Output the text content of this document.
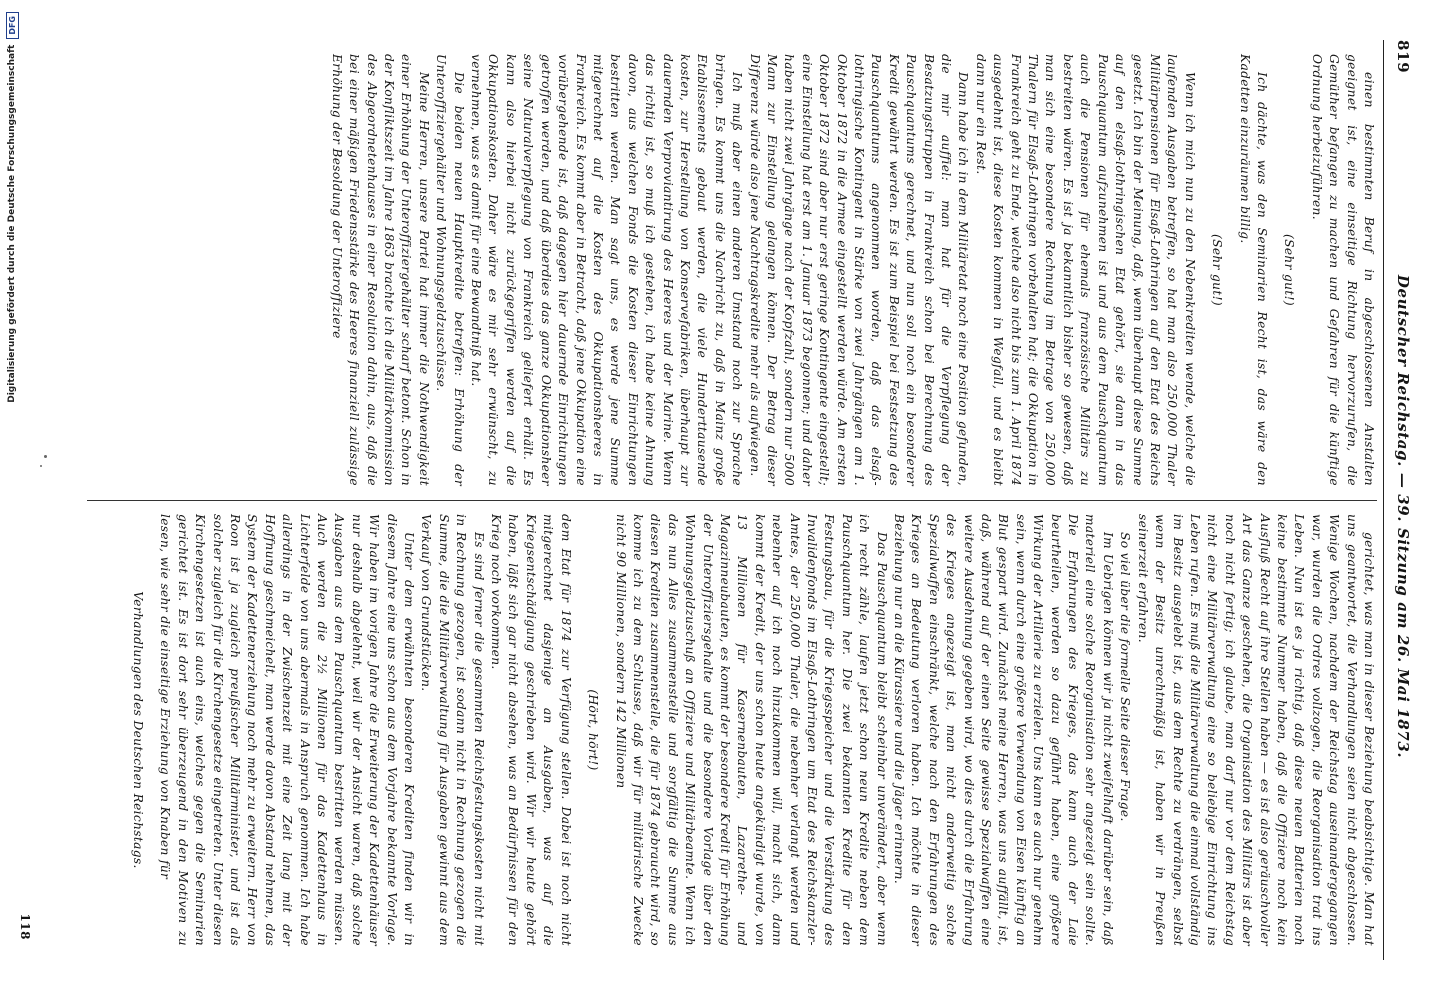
819
Deutscher Reichstag. — 39. Sitzung am 26. Mai 1873.

einen bestimmten Beruf in abgeschlossenen Anstalten geeignet ist, eine einseitige Richtung hervorzurufen, die Gemüther befangen zu machen und Gefahren für die künftige Ordnung herbeizuführen.

(Sehr gut!)

Ich dächte, was den Seminarien Recht ist, das wäre den Kadetten einzuräumen billig.

(Sehr gut!)

Wenn ich mich nun zu den Nebenkrediten wende, welche die laufenden Ausgaben betreffen, so hat man also 250,000 Thaler Militärpensionen für Elsaß-Lothringen auf den Etat des Reichs gesetzt. Ich bin der Meinung, daß, wenn überhaupt diese Summe auf den elsaß-lothringischen Etat gehört, sie dann in das Pauschquantum aufzunehmen ist und aus dem Pauschquantum auch die Pensionen für ehemals französische Militärs zu bestreiten wären. Es ist ja bekanntlich bisher so gewesen, daß man sich eine besondere Rechnung im Betrage von 250,000 Thalern für Elsaß-Lothringen vorbehalten hat; die Okkupation in Frankreich geht zu Ende, welche also nicht bis zum 1. April 1874 ausgedehnt ist, diese Kosten kommen in Wegfall, und es bleibt dann nur ein Rest.

Dann habe ich in dem Militäretat noch eine Position gefunden, die mir auffiel: man hat für die Verpflegung der Besatzungstruppen in Frankreich schon bei Berechnung des Pauschquantums gerechnet, und nun soll noch ein besonderer Kredit gewährt werden. Es ist zum Beispiel bei Festsetzung des Pauschquantums angenommen worden, daß das elsaß-lothringische Kontingent in Stärke von zwei Jahrgängen am 1. Oktober 1872 in die Armee eingestellt werden würde. Am ersten Oktober 1872 sind aber nur erst geringe Kontingente eingestellt; eine Einstellung hat erst am 1. Januar 1873 begonnen; und daher haben nicht zwei Jahrgänge nach der Kopfzahl, sondern nur 5000 Mann zur Einstellung gelangen können. Der Betrag dieser Differenz würde also jene Nachtragskredite mehr als aufwiegen.

Ich muß aber einen anderen Umstand noch zur Sprache bringen. Es kommt uns die Nachricht zu, daß in Mainz große Etablissements gebaut werden, die viele Hunderttausende kosten, zur Herstellung von Konservefabriken, überhaupt zur dauernden Verproviantirung des Heeres und der Marine. Wenn das richtig ist, so muß ich gestehen, ich habe keine Ahnung davon, aus welchen Fonds die Kosten dieser Einrichtungen bestritten werden. Man sagt uns, es werde jene Summe mitgerechnet auf die Kosten des Okkupationsheeres in Frankreich. Es kommt aber in Betracht, daß jene Okkupation eine vorübergehende ist, daß dagegen hier dauernde Einrichtungen getroffen werden, und daß überdies das ganze Okkupationsheer seine Naturalverpflegung von Frankreich geliefert erhält. Es kann also hierbei nicht zurückgegriffen werden auf die Okkupationskosten. Daher wäre es mir sehr erwünscht, zu vernehmen, was es damit für eine Bewandtniß hat.

Die beiden neuen Hauptkredite betreffen: Erhöhung der Unteroffiziergehälter und Wohnungsgeldzuschüsse.

Meine Herren, unsere Partei hat immer die Nothwendigkeit einer Erhöhung der Unteroffiziergehälter scharf betont. Schon in der Konfliktszeit im Jahre 1863 brachte ich die Militärkommission des Abgeordnetenhauses in einer Resolution dahin, aus, daß die bei einer mäßigen Friedensstärke des Heeres finanziell zulässige Erhöhung der Besoldung der Unteroffiziere

gerichtet, was man in dieser Beziehung beabsichtige. Man hat uns geantwortet, die Verhandlungen seien nicht abgeschlossen. Wenige Wochen, nachdem der Reichstag auseinandergegangen war, wurden die Ordres vollzogen, die Reorganisation trat ins Leben. Nun ist es ja richtig, daß diese neuen Batterien noch keine bestimmte Nummer haben, daß die Offiziere noch kein Ausfluß Recht auf ihre Stellen haben — es ist also geräuschvoller Art das Ganze geschehen, die Organisation des Militärs ist aber noch nicht fertig; ich glaube, man darf nur vor dem Reichstag nicht eine Militärverwaltung eine so beliebige Einrichtung ins Leben rufen. Es muß die Militärverwaltung die einmal vollständig im Besitz ausgelebt ist, aus dem Rechte zu verdrängen, selbst wenn der Besitz unrechtmäßig ist, haben wir in Preußen seinerzeit erfahren.

So viel über die formelle Seite dieser Frage.

Im Uebrigen können wir ja nicht zweifelhaft darüber sein, daß materiell eine solche Reorganisation sehr angezeigt sein sollte. Die Erfahrungen des Krieges, das kann auch der Laie beurtheilen, werden so dazu geführt haben, eine größere Wirkung der Artillerie zu erzielen. Uns kann es auch nur genehm sein, wenn durch eine größere Verwendung von Eisen künftig an Blut gespart wird. Zunächst meine Herren, was uns auffällt, ist, daß, während auf der einen Seite gewisse Spezialwaffen eine weitere Ausdehnung gegeben wird, wo dies durch die Erfahrung des Krieges angezeigt ist, man nicht anderweitig solche Spezialwaffen einschränkt, welche nach den Erfahrungen des Krieges an Bedeutung verloren haben. Ich möchte in dieser Beziehung nur an die Kürassiere und die Jäger erinnern.

Das Pauschquantum bleibt scheinbar unverändert, aber wenn ich recht zähle, laufen jetzt schon neun Kredite neben dem Pauschquantum her. Die zwei bekannten Kredite für den Festungsbau, für die Kriegsspeicher und die Verstärkung des Invalidenfonds im Elsaß-Lothringen um Etat des Reichskanzler-Amtes, der 250,000 Thaler, die nebenher verlangt werden und nebenher auf ich noch hinzukommen will, macht sich, dann kommt der Kredit, der uns schon heute angekündigt wurde, von 13 Millionen für Kasernenbauten, Lazarethe- und Magazinneubauten, es kommt der besondere Kredit für Erhöhung der Unteroffiziersgehalte und die besondere Vorlage über den Wohnungsgeldzuschuß an Offiziere und Militärbeamte. Wenn ich das nun Alles zusammenstelle und sorgfältig die Summe aus diesen Krediten zusammenstelle, die für 1874 gebraucht wird, so komme ich zu dem Schlusse, daß wir für militärische Zwecke nicht 90 Millionen, sondern 142 Millionen

(Hört, hört!)

dem Etat für 1874 zur Verfügung stellen. Dabei ist noch nicht mitgerechnet dasjenige an Ausgaben, was auf die Kriegsentschädigung geschrieben wird. Wir wir heute gehört haben, läßt sich gar nicht absehen, was an Bedürfnissen für den Krieg noch vorkommen.

Es sind ferner die gesammten Reichsfestungskosten nicht mit in Rechnung gezogen, ist sodann nicht in Rechnung gezogen die Summe, die die Militärverwaltung für Ausgaben gewinnt aus dem Verkauf von Grundstücken.

Unter dem erwähnten besonderen Krediten finden wir in diesem Jahre eine uns schon aus dem Vorjahre bekannte Vorlage. Wir haben im vorigen Jahre die Erweiterung der Kadettenhäuser nur deshalb abgelehnt, weil wir der Ansicht waren, daß solche Ausgaben aus dem Pauschquantum bestritten werden müssen. Auch werden die 2½ Millionen für das Kadettenhaus in Lichterfelde von uns abermals in Anspruch genommen. Ich habe allerdings in der Zwischenzeit mit eine Zeit lang mit der Hoffnung geschmeichelt, man werde davon Abstand nehmen, das System der Kadettenerziehung noch mehr zu erweitern. Herr von Roon ist ja zugleich preußischer Militärminister, und ist als solcher zugleich für die Kirchengesetze eingetreten. Unter diesen Kirchengesetzen ist auch eins, welches gegen die Seminarien gerichtet ist. Es ist dort sehr überzeugend in den Motiven zu lesen, wie sehr die einseitige Erziehung von Knaben für

Verhandlungen des Deutschen Reichstags.

118
Digitalisierung gefördert durch die Deutsche Forschungsgemeinschaft
DFG
